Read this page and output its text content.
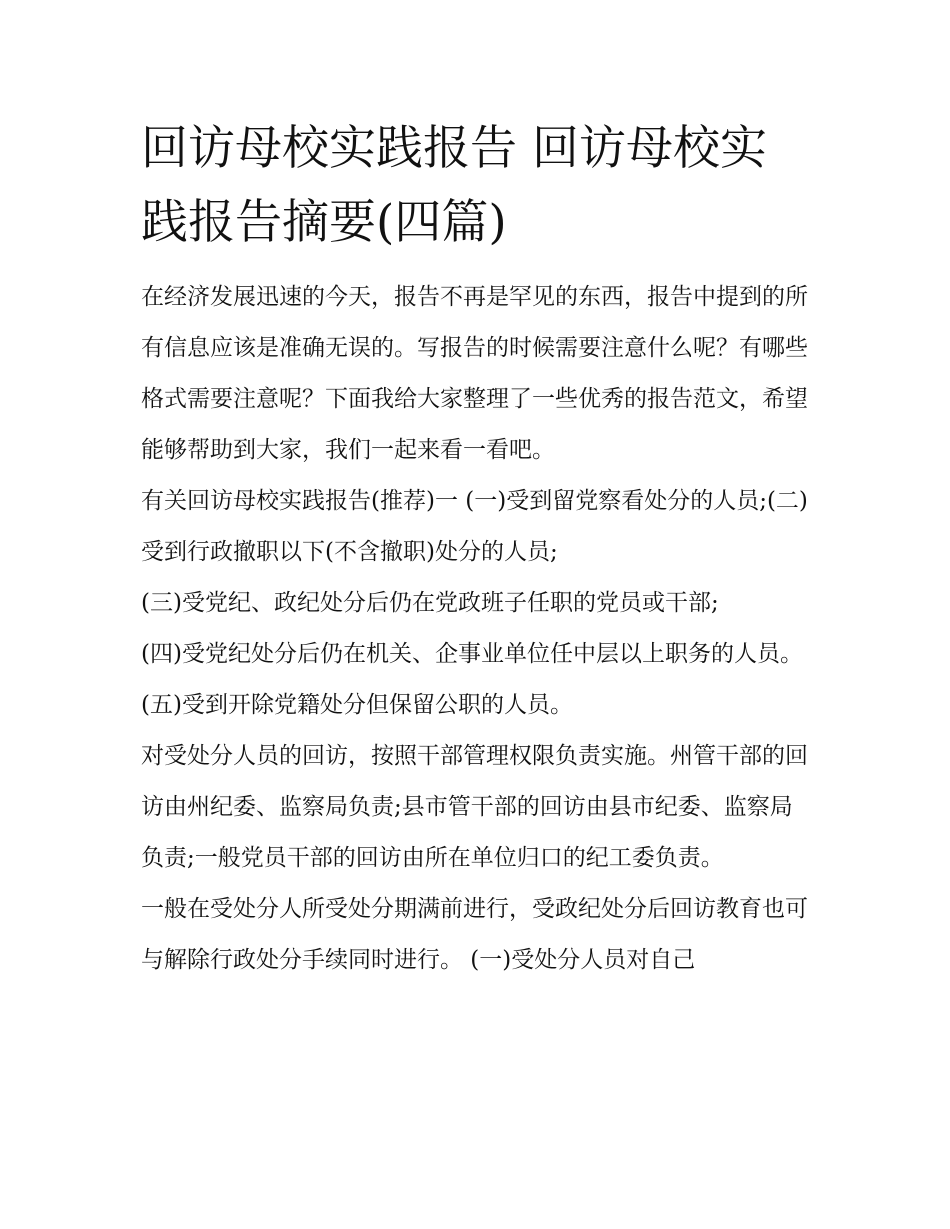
回访母校实践报告 回访母校实践报告摘要(四篇)

在经济发展迅速的今天，报告不再是罕见的东西，报告中提到的所有信息应该是准确无误的。写报告的时候需要注意什么呢？有哪些格式需要注意呢？下面我给大家整理了一些优秀的报告范文，希望能够帮助到大家，我们一起来看一看吧。

有关回访母校实践报告(推荐)一 (一)受到留党察看处分的人员;(二)受到行政撤职以下(不含撤职)处分的人员;

(三)受党纪、政纪处分后仍在党政班子任职的党员或干部;

(四)受党纪处分后仍在机关、企事业单位任中层以上职务的人员。

(五)受到开除党籍处分但保留公职的人员。

对受处分人员的回访，按照干部管理权限负责实施。州管干部的回访由州纪委、监察局负责;县市管干部的回访由县市纪委、监察局负责;一般党员干部的回访由所在单位归口的纪工委负责。

一般在受处分人所受处分期满前进行，受政纪处分后回访教育也可与解除行政处分手续同时进行。 (一)受处分人员对自己
